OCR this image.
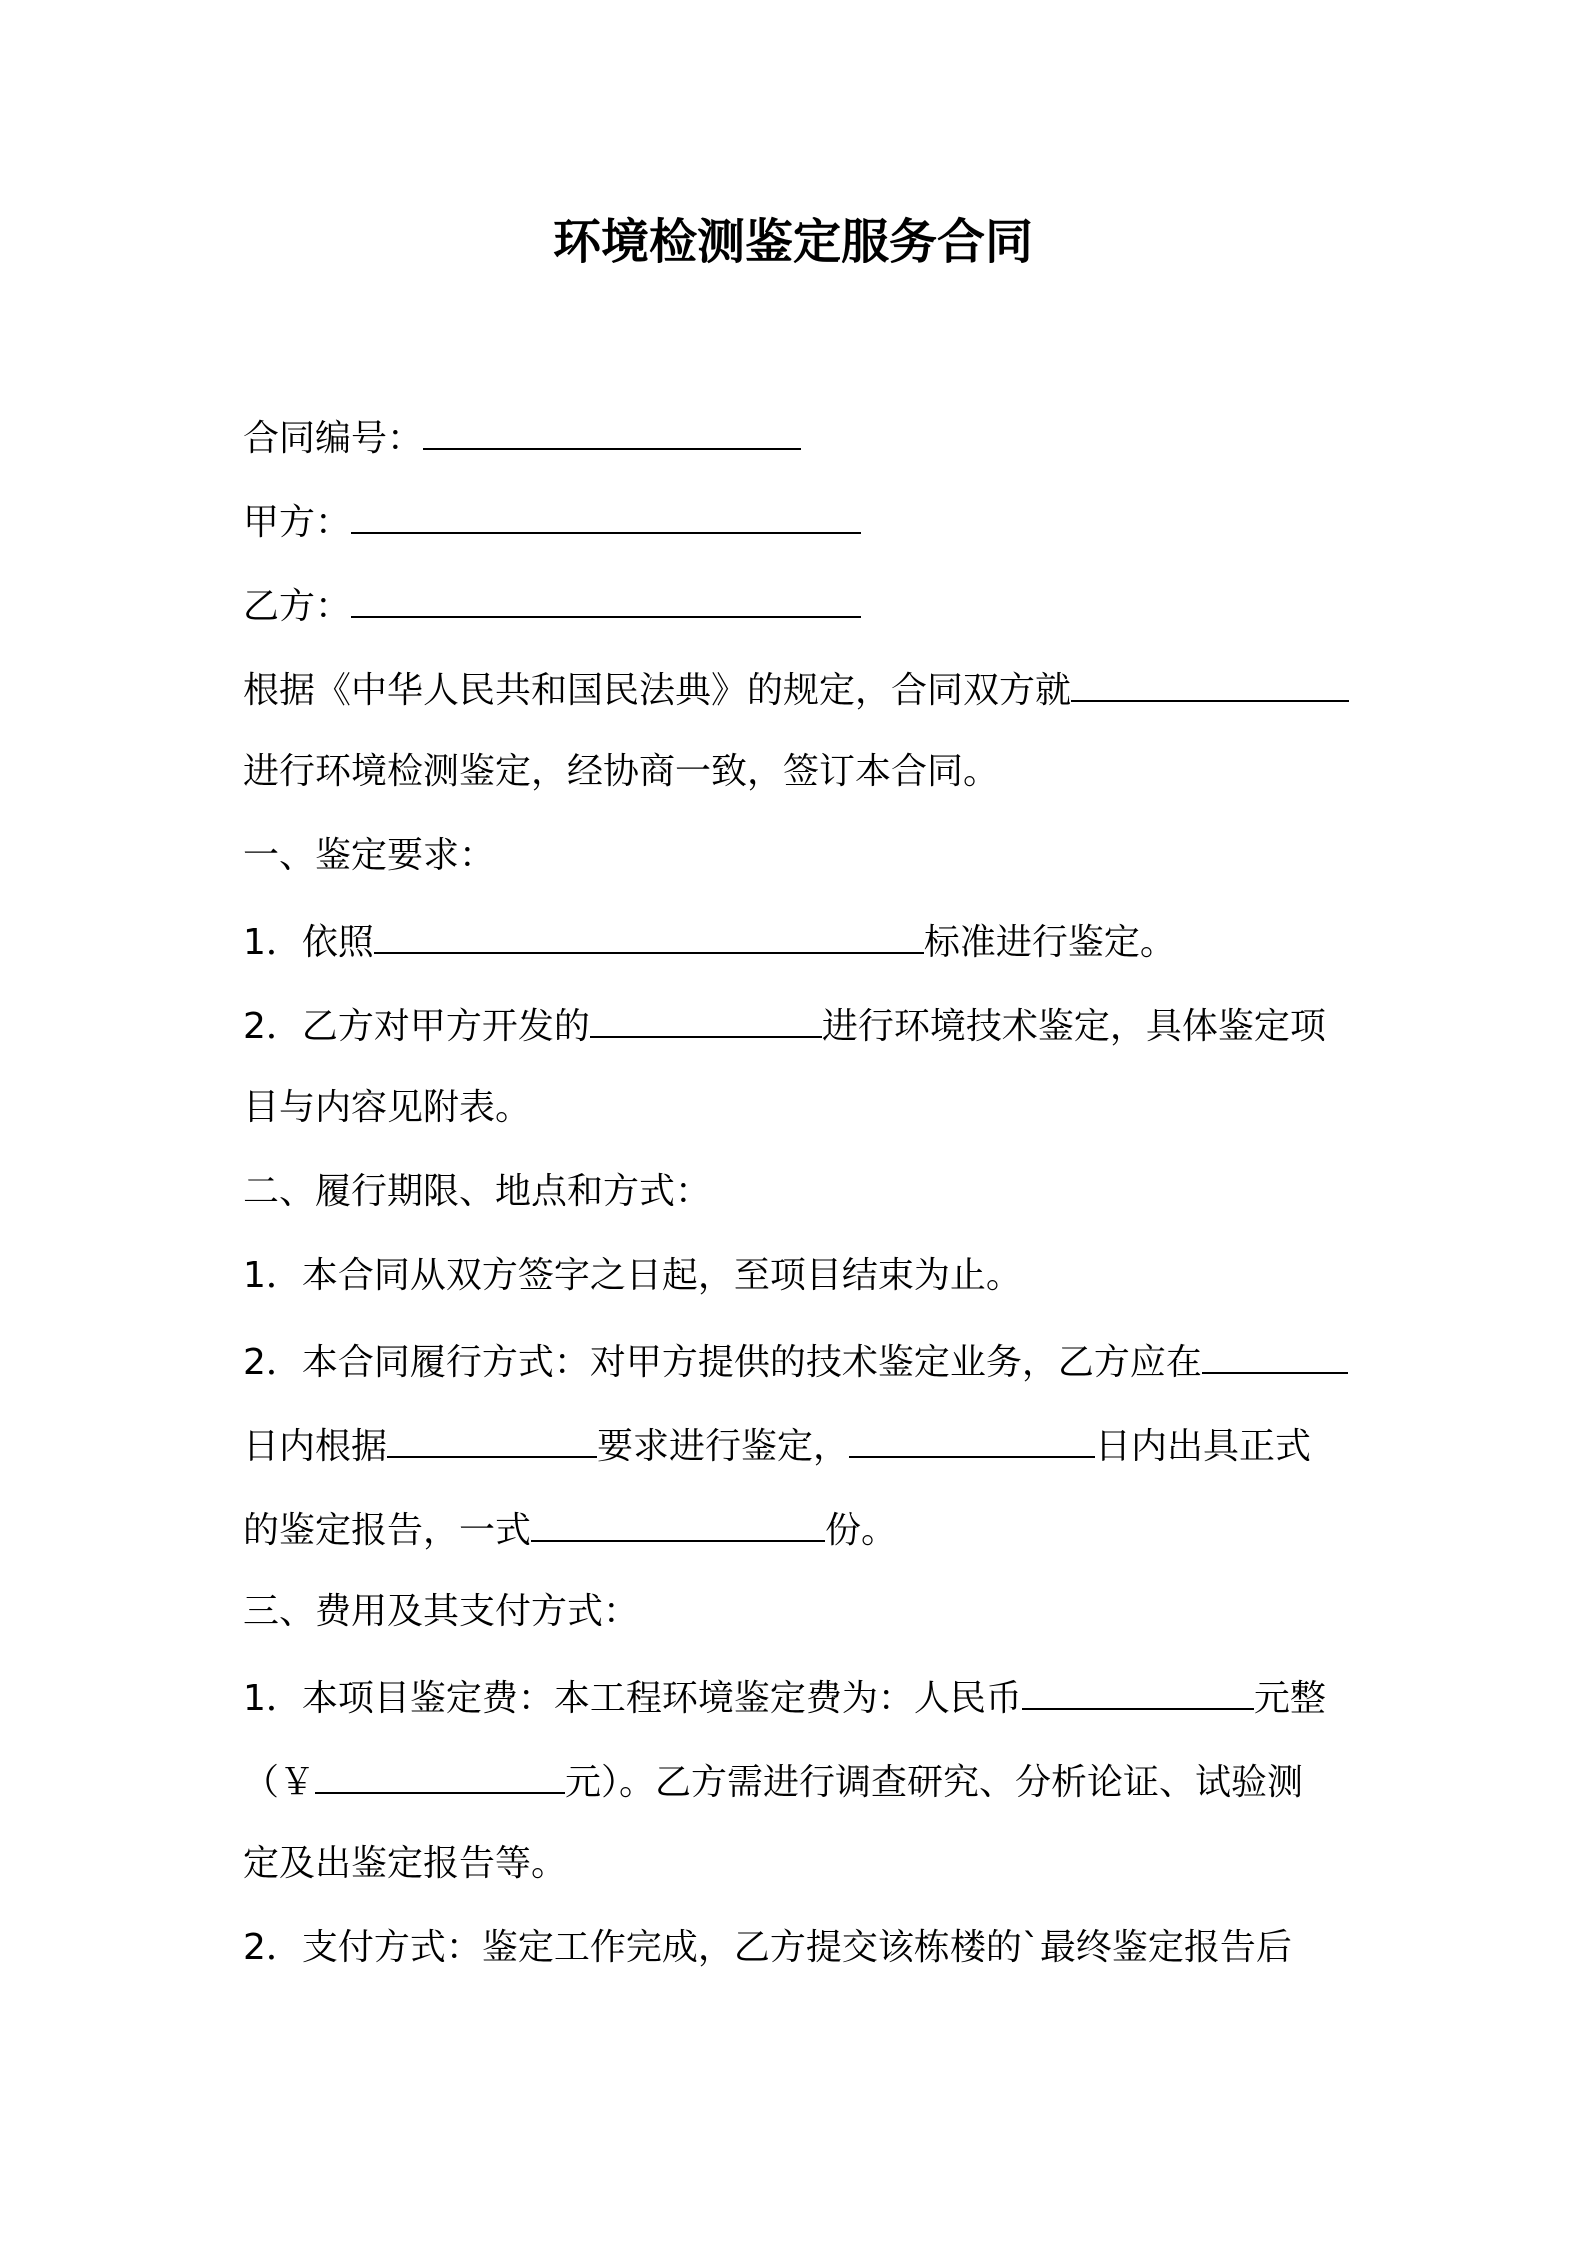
环境检测鉴定服务合同
合同编号：
甲方：
乙方：
根据《中华人民共和国民法典》的规定，合同双方就
进行环境检测鉴定，经协商一致，签订本合同。
一、鉴定要求：
1．依照	标准进行鉴定。
2．乙方对甲方开发的	进行环境技术鉴定，具体鉴定项
目与内容见附表。
二、履行期限、地点和方式：
1．本合同从双方签字之日起，至项目结束为止。
2．本合同履行方式：对甲方提供的技术鉴定业务，乙方应在
日内根据	要求进行鉴定，	日内出具正式
的鉴定报告，一式	份。
三、费用及其支付方式：
1．本项目鉴定费：本工程环境鉴定费为：人民币	元整
（￥	元）。乙方需进行调查研究、分析论证、试验测
定及出鉴定报告等。
2．支付方式：鉴定工作完成，乙方提交该栋楼的`最终鉴定报告后
